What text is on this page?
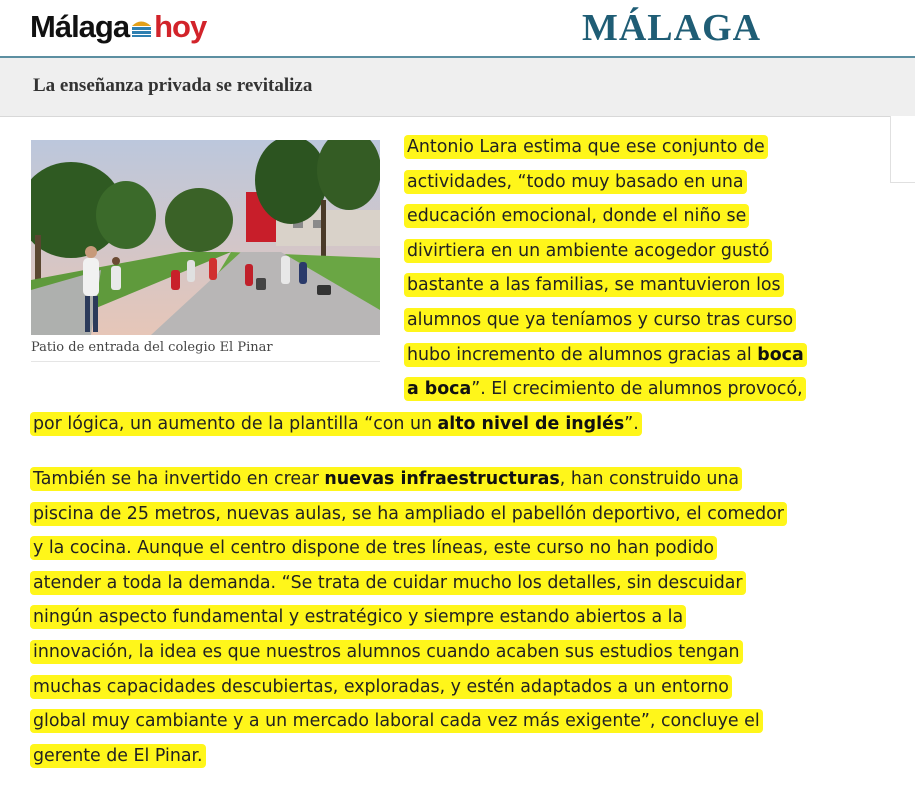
Málaga hoy	MÁLAGA
La enseñanza privada se revitaliza
Patio de entrada del colegio El Pinar
Antonio Lara estima que ese conjunto de
actividades, “todo muy basado en una
educación emocional, donde el niño se
divirtiera en un ambiente acogedor gustó
bastante a las familias, se mantuvieron los
alumnos que ya teníamos y curso tras curso
hubo incremento de alumnos gracias al boca
a boca”. El crecimiento de alumnos provocó,
por lógica, un aumento de la plantilla “con un alto nivel de inglés”.
También se ha invertido en crear nuevas infraestructuras, han construido una
piscina de 25 metros, nuevas aulas, se ha ampliado el pabellón deportivo, el comedor
y la cocina. Aunque el centro dispone de tres líneas, este curso no han podido
atender a toda la demanda. “Se trata de cuidar mucho los detalles, sin descuidar
ningún aspecto fundamental y estratégico y siempre estando abiertos a la
innovación, la idea es que nuestros alumnos cuando acaben sus estudios tengan
muchas capacidades descubiertas, exploradas, y estén adaptados a un entorno
global muy cambiante y a un mercado laboral cada vez más exigente”, concluye el
gerente de El Pinar.
